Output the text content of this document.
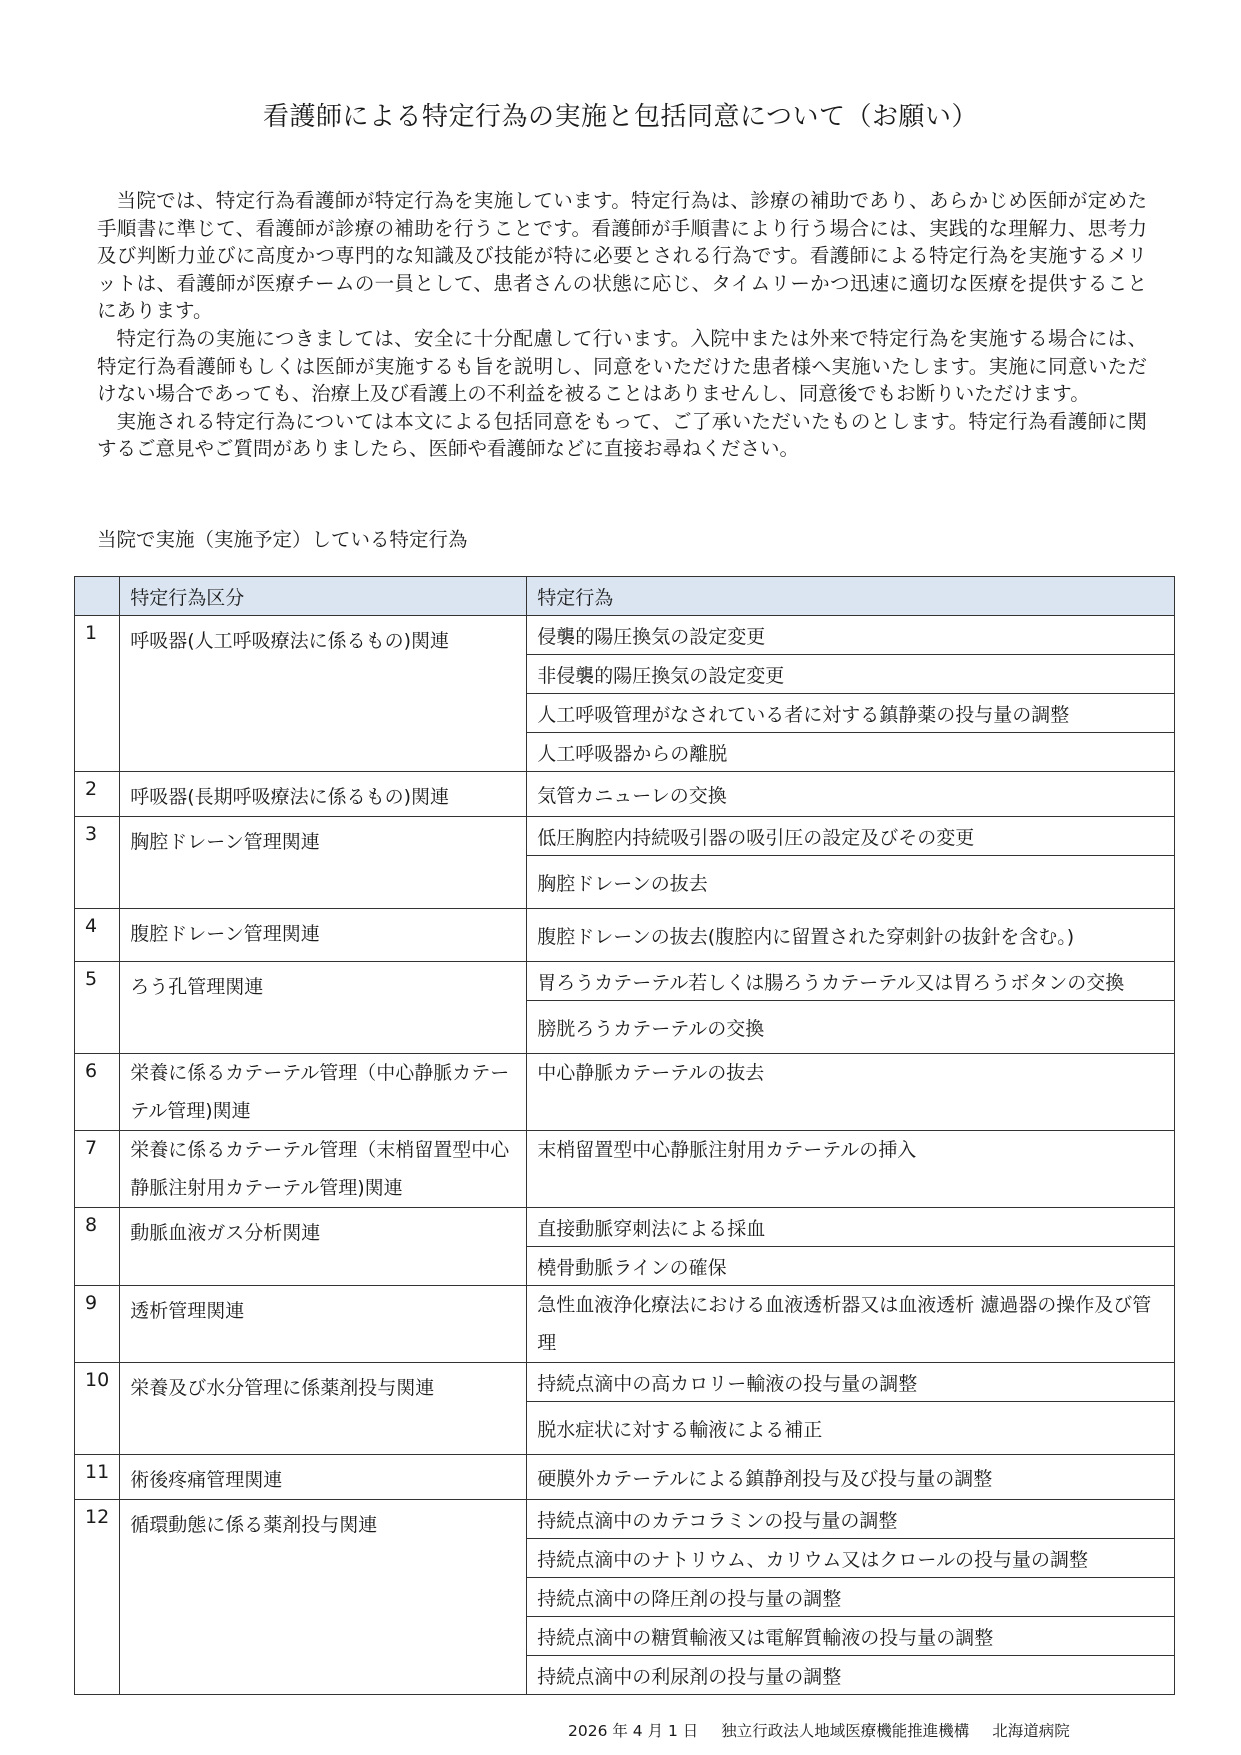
看護師による特定行為の実施と包括同意について（お願い）

当院では、特定行為看護師が特定行為を実施しています。特定行為は、診療の補助であり、あらかじめ医師が定めた手順書に準じて、看護師が診療の補助を行うことです。看護師が手順書により行う場合には、実践的な理解力、思考力及び判断力並びに高度かつ専門的な知識及び技能が特に必要とされる行為です。看護師による特定行為を実施するメリットは、看護師が医療チームの一員として、患者さんの状態に応じ、タイムリーかつ迅速に適切な医療を提供することにあります。

特定行為の実施につきましては、安全に十分配慮して行います。入院中または外来で特定行為を実施する場合には、特定行為看護師もしくは医師が実施するも旨を説明し、同意をいただけた患者様へ実施いたします。実施に同意いただけない場合であっても、治療上及び看護上の不利益を被ることはありませんし、同意後でもお断りいただけます。

実施される特定行為については本文による包括同意をもって、ご了承いただいたものとします。特定行為看護師に関するご意見やご質問がありましたら、医師や看護師などに直接お尋ねください。

当院で実施（実施予定）している特定行為
	特定行為区分	特定行為
1	呼吸器(人工呼吸療法に係るもの)関連	侵襲的陽圧換気の設定変更
		非侵襲的陽圧換気の設定変更
		人工呼吸管理がなされている者に対する鎮静薬の投与量の調整
		人工呼吸器からの離脱
2	呼吸器(長期呼吸療法に係るもの)関連	気管カニューレの交換
3	胸腔ドレーン管理関連	低圧胸腔内持続吸引器の吸引圧の設定及びその変更
		胸腔ドレーンの抜去
4	腹腔ドレーン管理関連	腹腔ドレーンの抜去(腹腔内に留置された穿刺針の抜針を含む。)
5	ろう孔管理関連	胃ろうカテーテル若しくは腸ろうカテーテル又は胃ろうボタンの交換
		膀胱ろうカテーテルの交換
6	栄養に係るカテーテル管理（中心静脈カテーテル管理)関連	中心静脈カテーテルの抜去
7	栄養に係るカテーテル管理（末梢留置型中心静脈注射用カテーテル管理)関連	末梢留置型中心静脈注射用カテーテルの挿入
8	動脈血液ガス分析関連	直接動脈穿刺法による採血
		橈骨動脈ラインの確保
9	透析管理関連	急性血液浄化療法における血液透析器又は血液透析 濾過器の操作及び管理
10	栄養及び水分管理に係薬剤投与関連	持続点滴中の高カロリー輸液の投与量の調整
		脱水症状に対する輸液による補正
11	術後疼痛管理関連	硬膜外カテーテルによる鎮静剤投与及び投与量の調整
12	循環動態に係る薬剤投与関連	持続点滴中のカテコラミンの投与量の調整
		持続点滴中のナトリウム、カリウム又はクロールの投与量の調整
		持続点滴中の降圧剤の投与量の調整
		持続点滴中の糖質輸液又は電解質輸液の投与量の調整
		持続点滴中の利尿剤の投与量の調整
2026 年 4 月 1 日 独立行政法人地域医療機能推進機構 北海道病院
